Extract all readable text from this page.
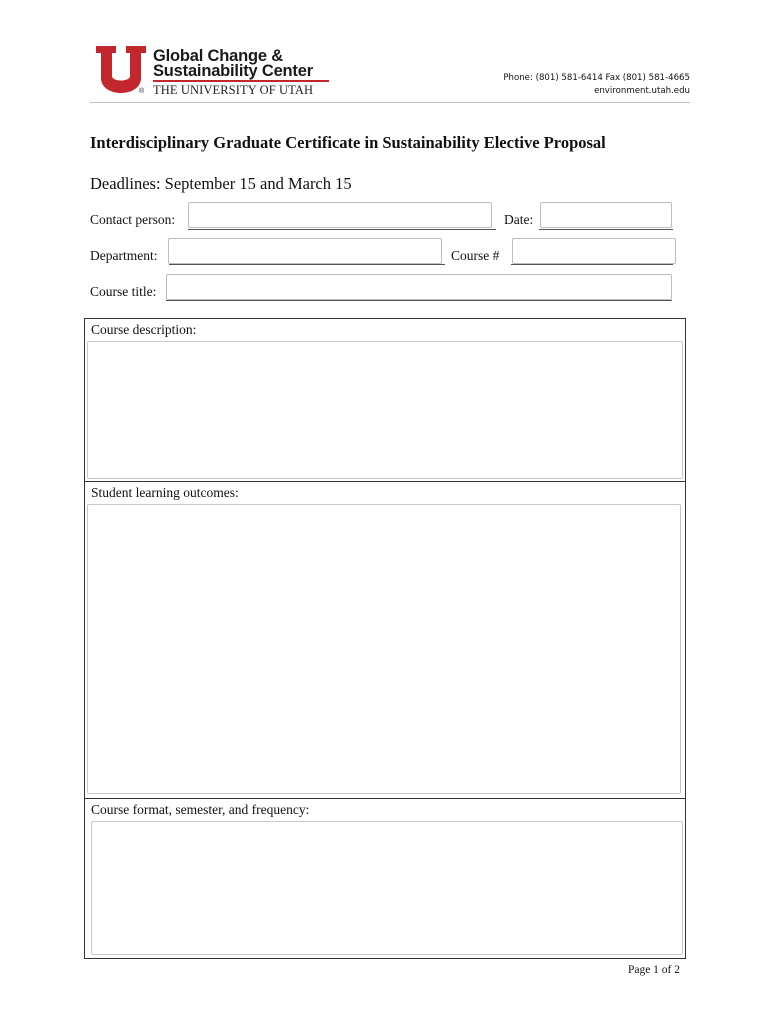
®
Global Change &
Sustainability Center
THE UNIVERSITY OF UTAH
Phone: (801) 581-6414 Fax (801) 581-4665
environment.utah.edu
Interdisciplinary Graduate Certificate in Sustainability Elective Proposal
Deadlines: September 15 and March 15
Contact person:	Date:
Department:	Course #
Course title:
Course description:
Student learning outcomes:
Course format, semester, and frequency:
Page 1 of 2
